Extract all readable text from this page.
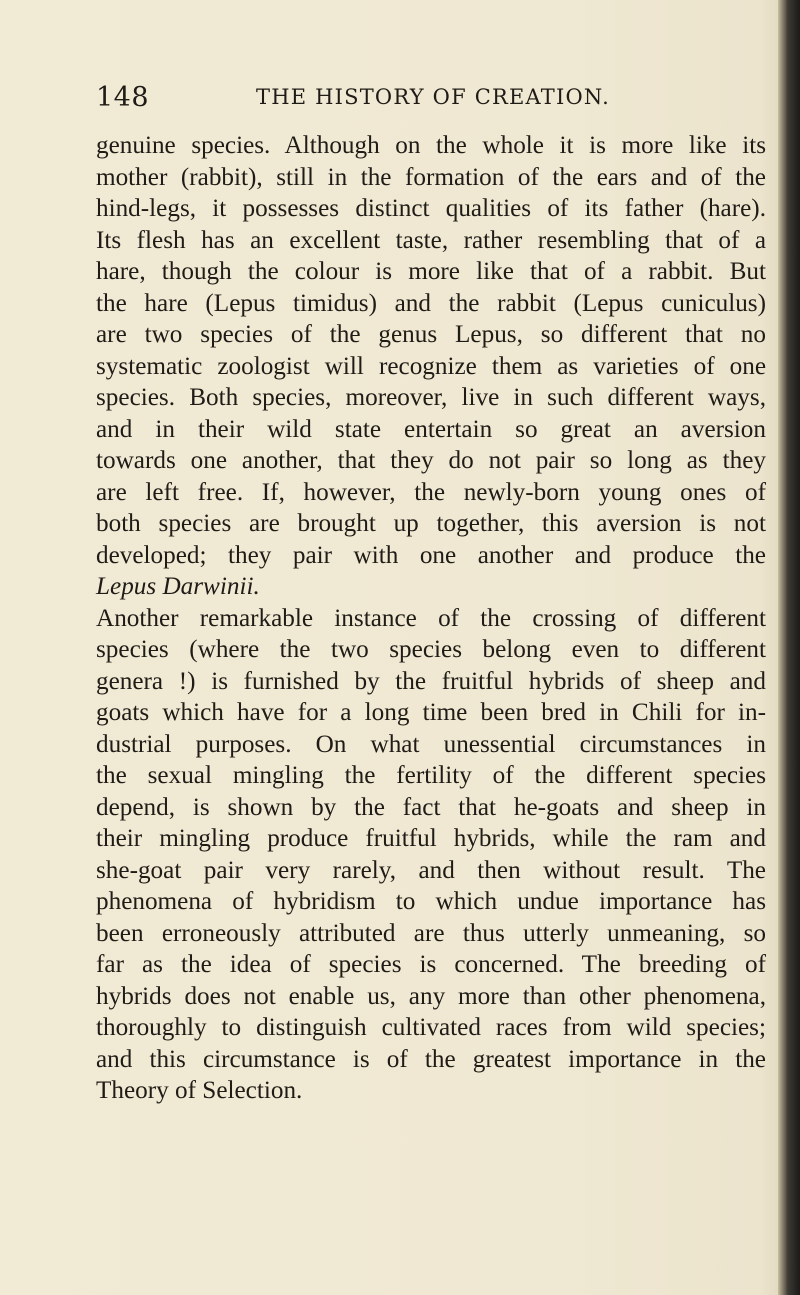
148	THE HISTORY OF CREATION.
genuine species. Although on the whole it is more like its
mother (rabbit), still in the formation of the ears and of the
hind-legs, it possesses distinct qualities of its father (hare).
Its flesh has an excellent taste, rather resembling that of a
hare, though the colour is more like that of a rabbit. But
the hare (Lepus timidus) and the rabbit (Lepus cuniculus)
are two species of the genus Lepus, so different that no
systematic zoologist will recognize them as varieties of one
species. Both species, moreover, live in such different ways,
and in their wild state entertain so great an aversion
towards one another, that they do not pair so long as they
are left free. If, however, the newly-born young ones of
both species are brought up together, this aversion is not
developed; they pair with one another and produce the
Lepus Darwinii.
Another remarkable instance of the crossing of different
species (where the two species belong even to different
genera !) is furnished by the fruitful hybrids of sheep and
goats which have for a long time been bred in Chili for in-
dustrial purposes. On what unessential circumstances in
the sexual mingling the fertility of the different species
depend, is shown by the fact that he-goats and sheep in
their mingling produce fruitful hybrids, while the ram and
she-goat pair very rarely, and then without result. The
phenomena of hybridism to which undue importance has
been erroneously attributed are thus utterly unmeaning, so
far as the idea of species is concerned. The breeding of
hybrids does not enable us, any more than other phenomena,
thoroughly to distinguish cultivated races from wild species;
and this circumstance is of the greatest importance in the
Theory of Selection.
